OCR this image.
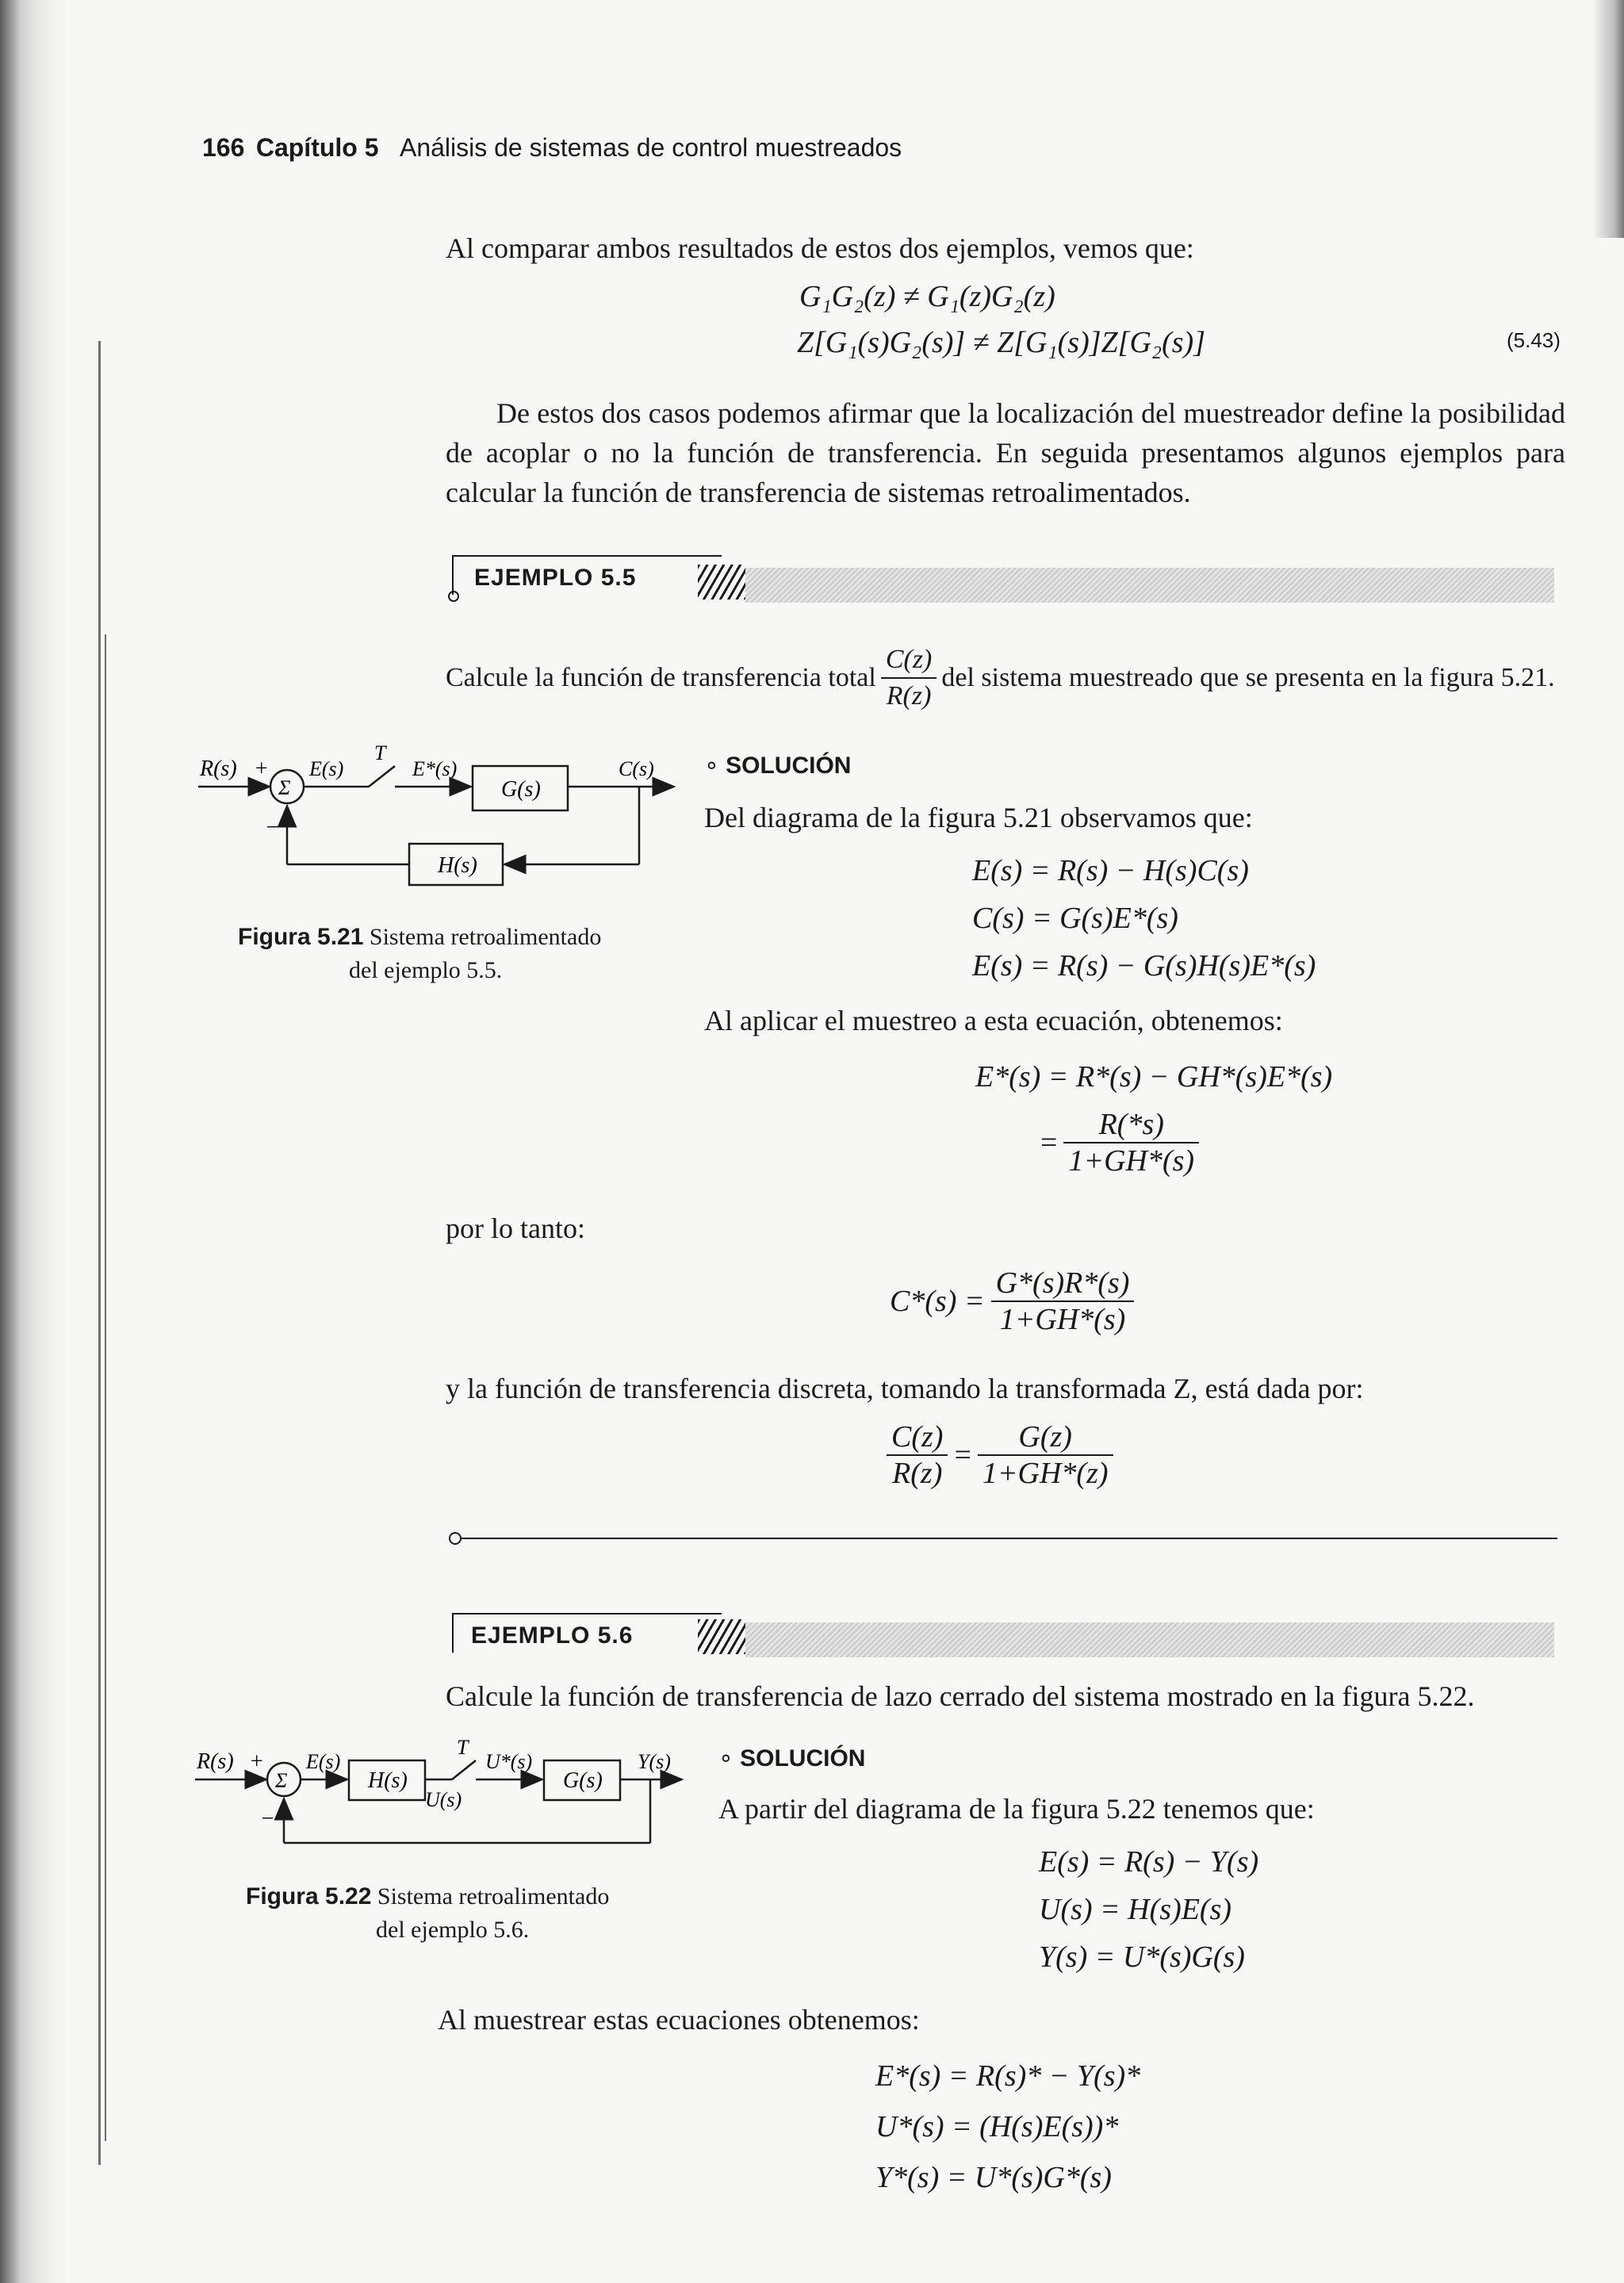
166 Capítulo 5 Análisis de sistemas de control muestreados
Al comparar ambos resultados de estos dos ejemplos, vemos que:
G₁G₂(z) ≠ G₁(z)G₂(z)
Z[G₁(s)G₂(s)] ≠ Z[G₁(s)]Z[G₂(s)]	(5.43)
De estos dos casos podemos afirmar que la localización del muestreador define la posibilidad de acoplar o no la función de transferencia. En seguida presentamos algunos ejemplos para calcular la función de transferencia de sistemas retroalimentados.
EJEMPLO 5.5
Calcule la función de transferencia total $\frac{C(z)}{R(z)}$ del sistema muestreado que se presenta en la figura 5.21.
R(s) +
Σ
−
E(s)
T
E*(s)
G(s)
C(s)
H(s)
Figura 5.21 Sistema retroalimentado
del ejemplo 5.5.
∘ SOLUCIÓN
Del diagrama de la figura 5.21 observamos que:
E(s) = R(s) − H(s)C(s)
C(s) = G(s)E*(s)
E(s) = R(s) − G(s)H(s)E*(s)
Al aplicar el muestreo a esta ecuación, obtenemos:
E*(s) = R*(s) − GH*(s)E*(s)
= $\frac{R(*s)}{1+GH*(s)}$
por lo tanto:
$C*(s) = \frac{G*(s)R*(s)}{1+GH*(s)}$
y la función de transferencia discreta, tomando la transformada Z, está dada por:
$\frac{C(z)}{R(z)} = \frac{G(z)}{1+GH*(z)}$
EJEMPLO 5.6
Calcule la función de transferencia de lazo cerrado del sistema mostrado en la figura 5.22.
R(s) +
Σ
−
E(s)
H(s)
U(s)
T
U*(s)
G(s)
Y(s)
Figura 5.22 Sistema retroalimentado
del ejemplo 5.6.
∘ SOLUCIÓN
A partir del diagrama de la figura 5.22 tenemos que:
E(s) = R(s) − Y(s)
U(s) = H(s)E(s)
Y(s) = U*(s)G(s)
Al muestrear estas ecuaciones obtenemos:
E*(s) = R(s)* − Y(s)*
U*(s) = (H(s)E(s))*
Y*(s) = U*(s)G*(s)
